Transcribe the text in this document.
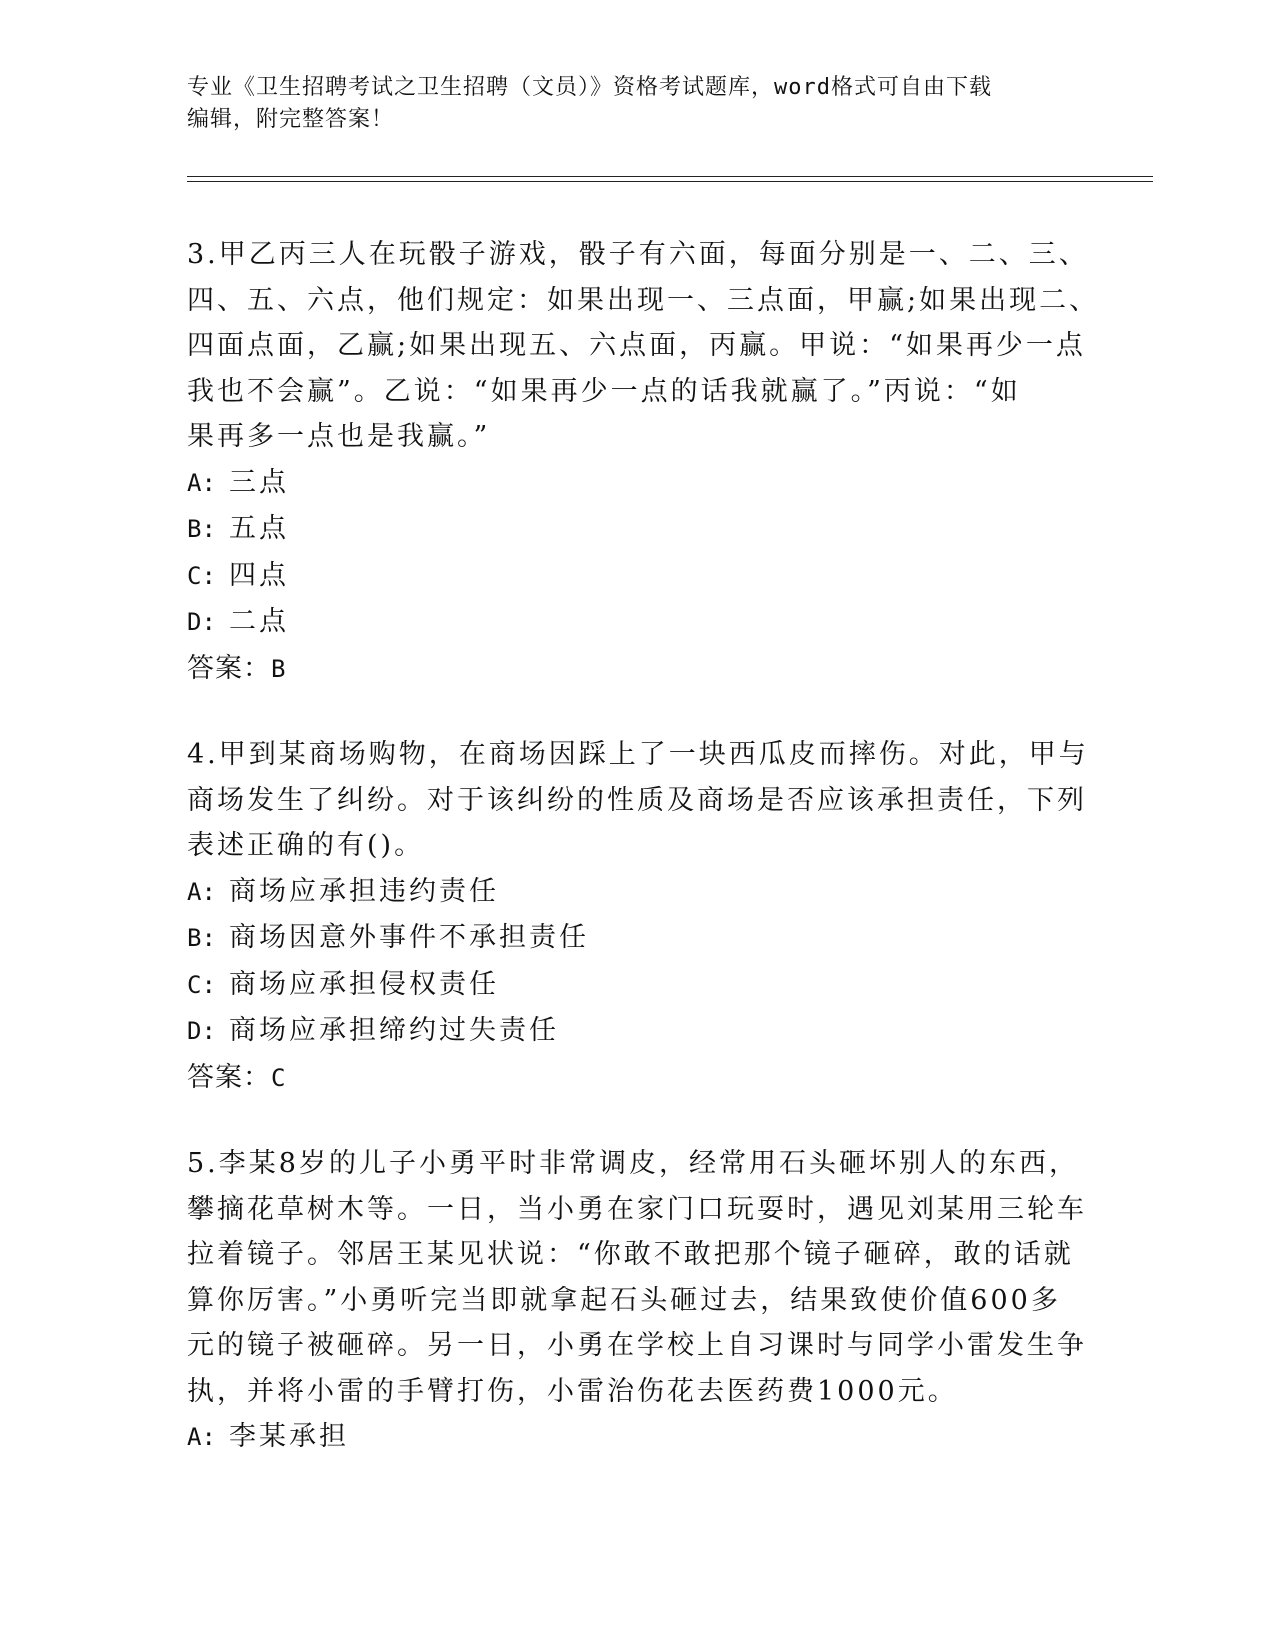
专业《卫生招聘考试之卫生招聘（文员）》资格考试题库，word格式可自由下载
编辑，附完整答案！
3.甲乙丙三人在玩骰子游戏，骰子有六面，每面分别是一、二、三、
四、五、六点，他们规定：如果出现一、三点面，甲赢;如果出现二、
四面点面，乙赢;如果出现五、六点面，丙赢。甲说：“如果再少一点
我也不会赢”。乙说：“如果再少一点的话我就赢了。”丙说：“如
果再多一点也是我赢。”
A: 三点
B: 五点
C: 四点
D: 二点
答案：B
4.甲到某商场购物，在商场因踩上了一块西瓜皮而摔伤。对此，甲与
商场发生了纠纷。对于该纠纷的性质及商场是否应该承担责任，下列
表述正确的有()。
A: 商场应承担违约责任
B: 商场因意外事件不承担责任
C: 商场应承担侵权责任
D: 商场应承担缔约过失责任
答案：C
5.李某8岁的儿子小勇平时非常调皮，经常用石头砸坏别人的东西，
攀摘花草树木等。一日，当小勇在家门口玩耍时，遇见刘某用三轮车
拉着镜子。邻居王某见状说：“你敢不敢把那个镜子砸碎，敢的话就
算你厉害。”小勇听完当即就拿起石头砸过去，结果致使价值600多
元的镜子被砸碎。另一日，小勇在学校上自习课时与同学小雷发生争
执，并将小雷的手臂打伤，小雷治伤花去医药费1000元。
A: 李某承担
